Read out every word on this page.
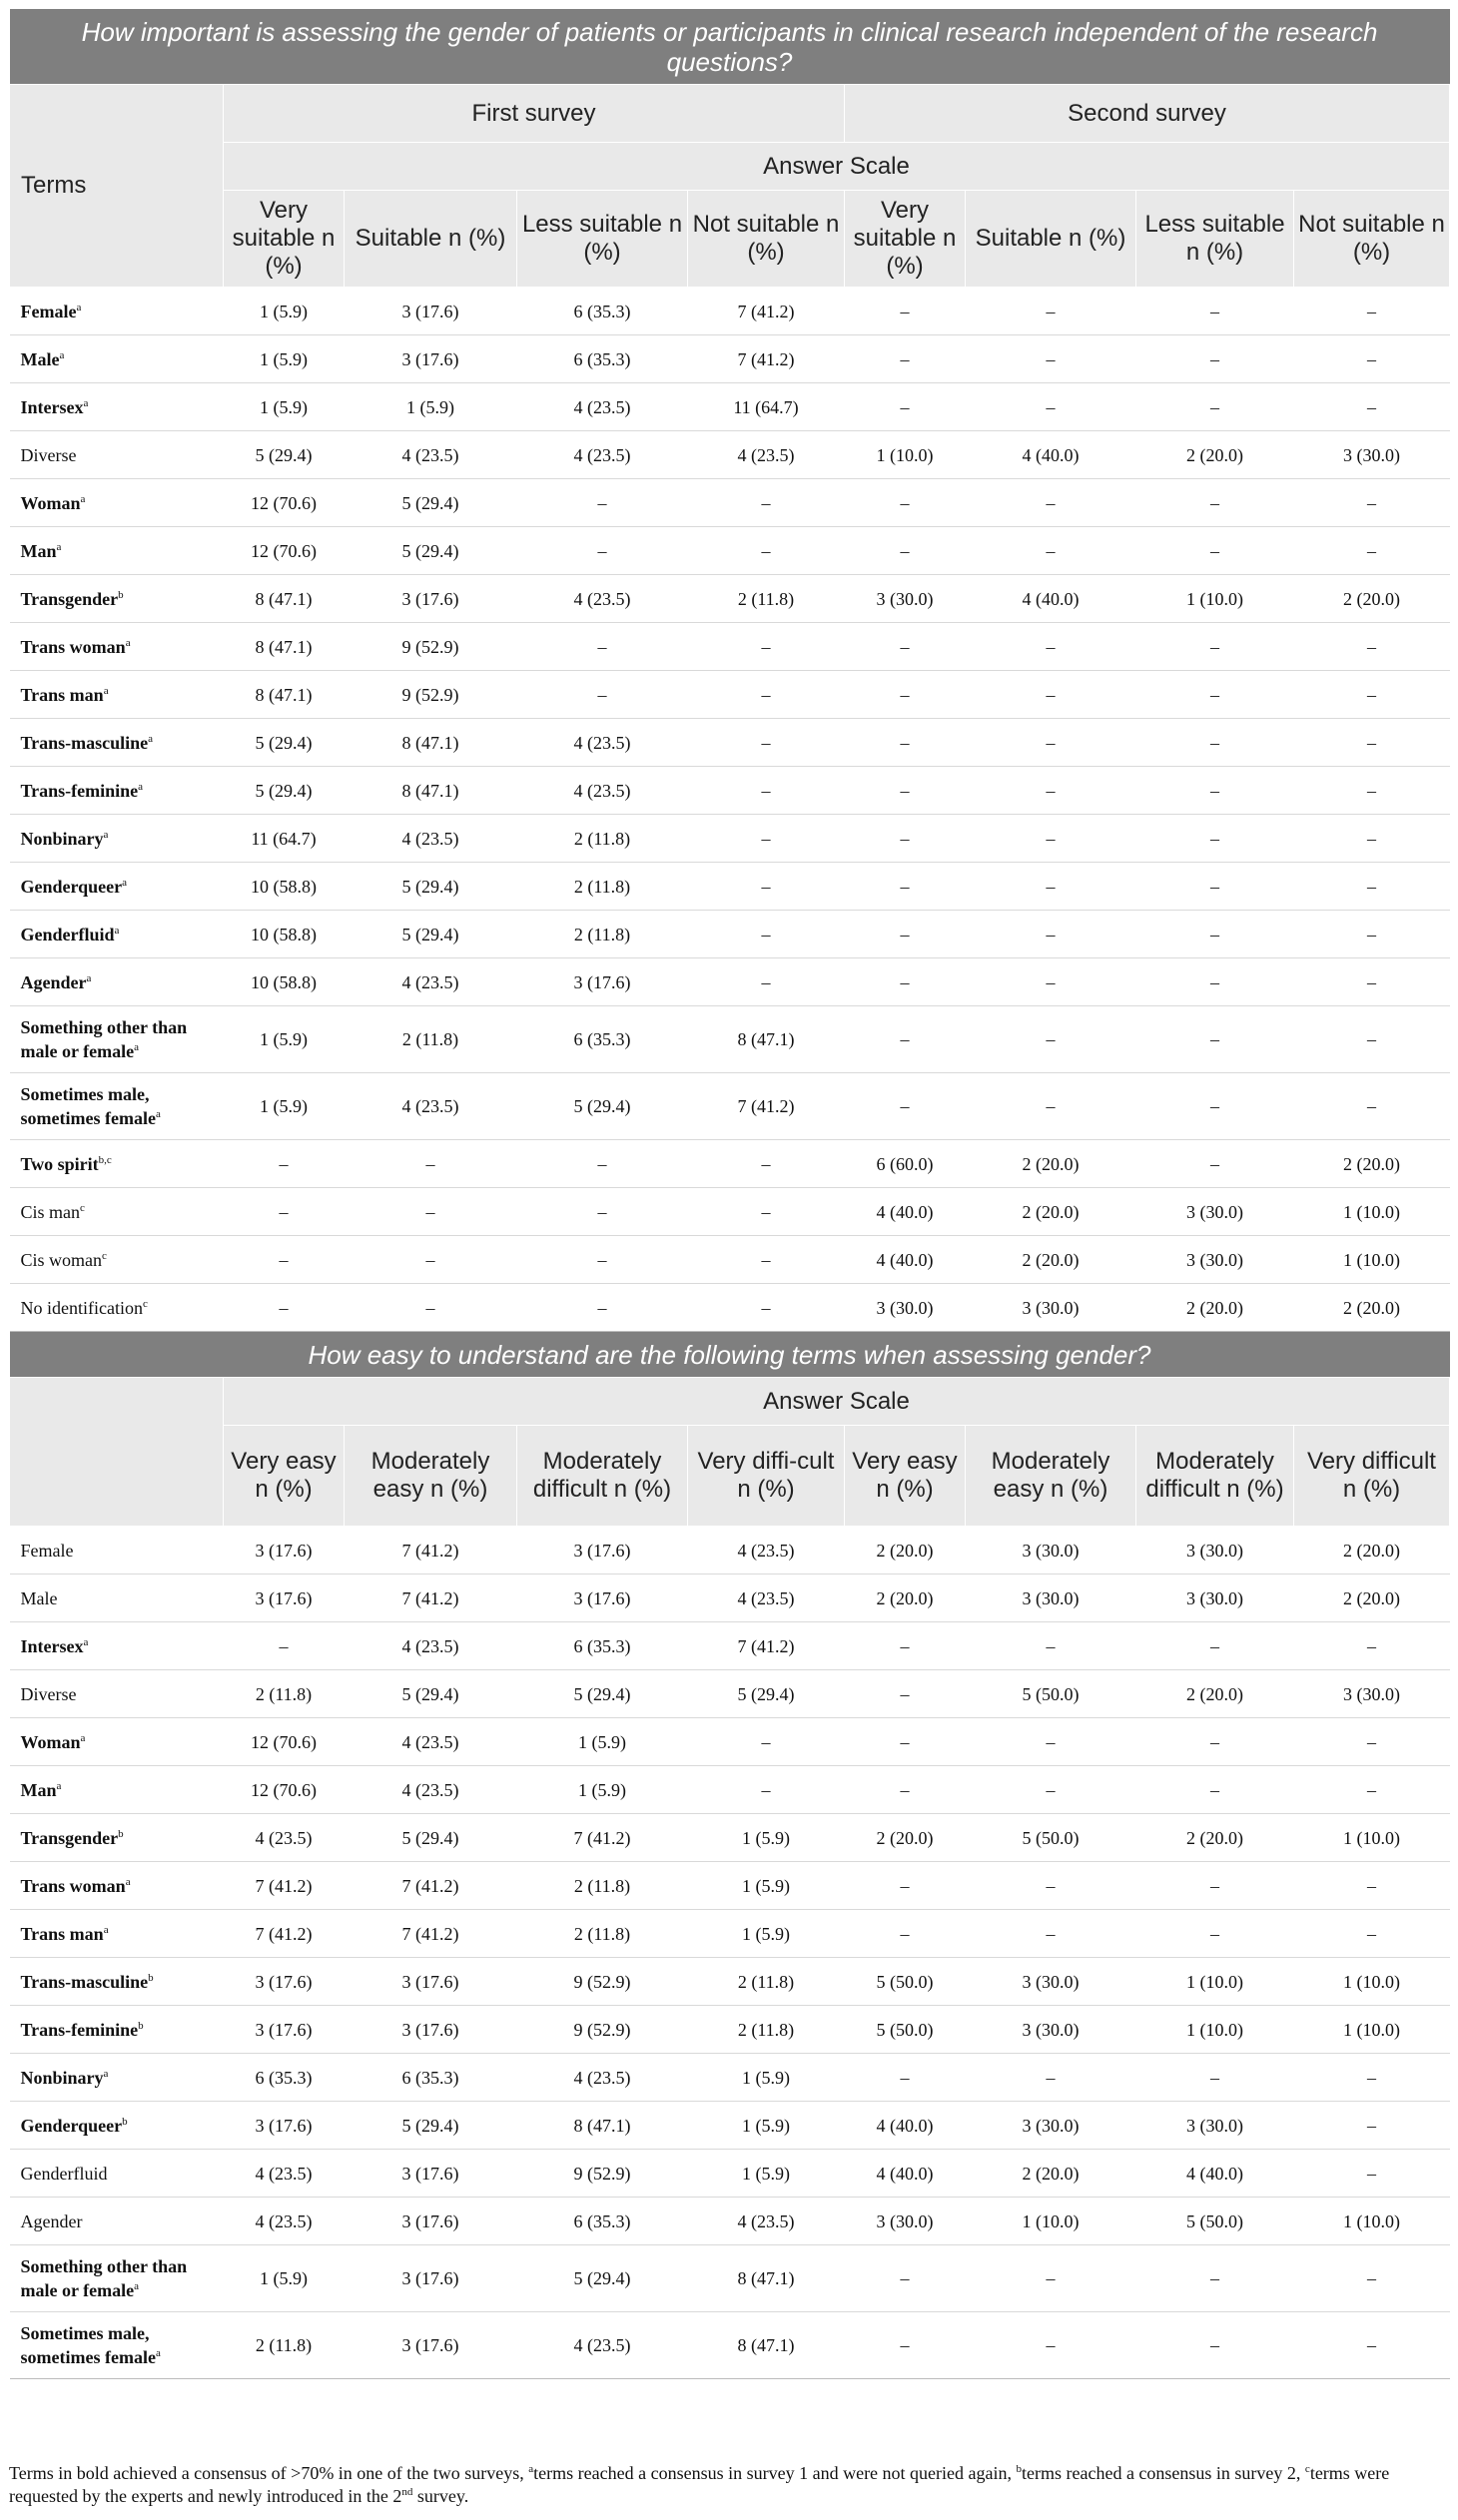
How important is assessing the gender of patients or participants in clinical research independent of the research questions?								
Terms	First survey				Second survey			
	Answer Scale							
	Very suitable n (%)	Suitable n (%)	Less suitable n (%)	Not suitable n (%)	Very suitable n (%)	Suitable n (%)	Less suitable n (%)	Not suitable n (%)
Female$^a$	1 (5.9)	3 (17.6)	6 (35.3)	7 (41.2)	–	–	–	–
Male$^a$	1 (5.9)	3 (17.6)	6 (35.3)	7 (41.2)	–	–	–	–
Intersex$^a$	1 (5.9)	1 (5.9)	4 (23.5)	11 (64.7)	–	–	–	–
Diverse	5 (29.4)	4 (23.5)	4 (23.5)	4 (23.5)	1 (10.0)	4 (40.0)	2 (20.0)	3 (30.0)
Woman$^a$	12 (70.6)	5 (29.4)	–	–	–	–	–	–
Man$^a$	12 (70.6)	5 (29.4)	–	–	–	–	–	–
Transgender$^b$	8 (47.1)	3 (17.6)	4 (23.5)	2 (11.8)	3 (30.0)	4 (40.0)	1 (10.0)	2 (20.0)
Trans woman$^a$	8 (47.1)	9 (52.9)	–	–	–	–	–	–
Trans man$^a$	8 (47.1)	9 (52.9)	–	–	–	–	–	–
Trans-masculine$^a$	5 (29.4)	8 (47.1)	4 (23.5)	–	–	–	–	–
Trans-feminine$^a$	5 (29.4)	8 (47.1)	4 (23.5)	–	–	–	–	–
Nonbinary$^a$	11 (64.7)	4 (23.5)	2 (11.8)	–	–	–	–	–
Genderqueer$^a$	10 (58.8)	5 (29.4)	2 (11.8)	–	–	–	–	–
Genderfluid$^a$	10 (58.8)	5 (29.4)	2 (11.8)	–	–	–	–	–
Agender$^a$	10 (58.8)	4 (23.5)	3 (17.6)	–	–	–	–	–
Something other than male or female$^a$	1 (5.9)	2 (11.8)	6 (35.3)	8 (47.1)	–	–	–	–
Sometimes male, sometimes female$^a$	1 (5.9)	4 (23.5)	5 (29.4)	7 (41.2)	–	–	–	–
Two spirit$^{b,c}$	–	–	–	–	6 (60.0)	2 (20.0)	–	2 (20.0)
Cis man$^c$	–	–	–	–	4 (40.0)	2 (20.0)	3 (30.0)	1 (10.0)
Cis woman$^c$	–	–	–	–	4 (40.0)	2 (20.0)	3 (30.0)	1 (10.0)
No identification$^c$	–	–	–	–	3 (30.0)	3 (30.0)	2 (20.0)	2 (20.0)
How easy to understand are the following terms when assessing gender?								
	Answer Scale							
	Very easy n (%)	Moderately easy n (%)	Moderately difficult n (%)	Very diffi-cult n (%)	Very easy n (%)	Moderately easy n (%)	Moderately difficult n (%)	Very difficult n (%)
Female	3 (17.6)	7 (41.2)	3 (17.6)	4 (23.5)	2 (20.0)	3 (30.0)	3 (30.0)	2 (20.0)
Male	3 (17.6)	7 (41.2)	3 (17.6)	4 (23.5)	2 (20.0)	3 (30.0)	3 (30.0)	2 (20.0)
Intersex$^a$	–	4 (23.5)	6 (35.3)	7 (41.2)	–	–	–	–
Diverse	2 (11.8)	5 (29.4)	5 (29.4)	5 (29.4)	–	5 (50.0)	2 (20.0)	3 (30.0)
Woman$^a$	12 (70.6)	4 (23.5)	1 (5.9)	–	–	–	–	–
Man$^a$	12 (70.6)	4 (23.5)	1 (5.9)	–	–	–	–	–
Transgender$^b$	4 (23.5)	5 (29.4)	7 (41.2)	1 (5.9)	2 (20.0)	5 (50.0)	2 (20.0)	1 (10.0)
Trans woman$^a$	7 (41.2)	7 (41.2)	2 (11.8)	1 (5.9)	–	–	–	–
Trans man$^a$	7 (41.2)	7 (41.2)	2 (11.8)	1 (5.9)	–	–	–	–
Trans-masculine$^b$	3 (17.6)	3 (17.6)	9 (52.9)	2 (11.8)	5 (50.0)	3 (30.0)	1 (10.0)	1 (10.0)
Trans-feminine$^b$	3 (17.6)	3 (17.6)	9 (52.9)	2 (11.8)	5 (50.0)	3 (30.0)	1 (10.0)	1 (10.0)
Nonbinary$^a$	6 (35.3)	6 (35.3)	4 (23.5)	1 (5.9)	–	–	–	–
Genderqueer$^b$	3 (17.6)	5 (29.4)	8 (47.1)	1 (5.9)	4 (40.0)	3 (30.0)	3 (30.0)	–
Genderfluid	4 (23.5)	3 (17.6)	9 (52.9)	1 (5.9)	4 (40.0)	2 (20.0)	4 (40.0)	–
Agender	4 (23.5)	3 (17.6)	6 (35.3)	4 (23.5)	3 (30.0)	1 (10.0)	5 (50.0)	1 (10.0)
Something other than male or female$^a$	1 (5.9)	3 (17.6)	5 (29.4)	8 (47.1)	–	–	–	–
Sometimes male, sometimes female$^a$	2 (11.8)	3 (17.6)	4 (23.5)	8 (47.1)	–	–	–	–
Terms in bold achieved a consensus of >70% in one of the two surveys, $^a$terms reached a consensus in survey 1 and were not queried again, $^b$terms reached a consensus in survey 2, $^c$terms were requested by the experts and newly introduced in the 2nd survey.
